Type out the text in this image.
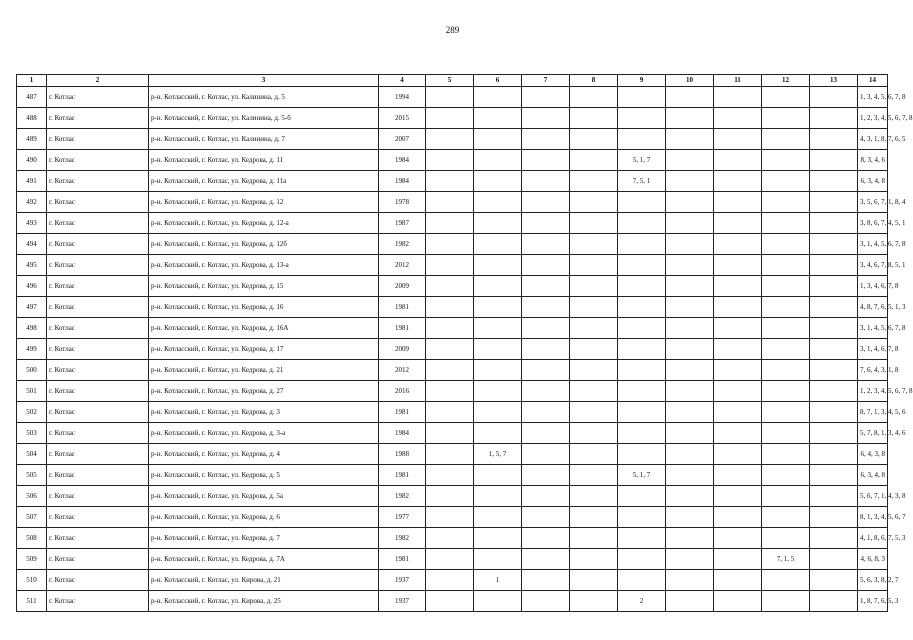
289
1	2	3	4	5	6	7	8	9	10	11	12	13	14
487	г. Котлас	р-н. Котласский, г. Котлас, ул. Калинина, д. 5	1994										1, 3, 4, 5, 6, 7, 8
488	г. Котлас	р-н. Котласский, г. Котлас, ул. Калинина, д. 5-б	2015										1, 2, 3, 4, 5, 6, 7, 8
489	г. Котлас	р-н. Котласский, г. Котлас, ул. Калинина, д. 7	2007										4, 3, 1, 8, 7, 6, 5
490	г. Котлас	р-н. Котласский, г. Котлас, ул. Кедрова, д. 11	1984					5, 1, 7					8, 3, 4, 6
491	г. Котлас	р-н. Котласский, г. Котлас, ул. Кедрова, д. 11а	1984					7, 5, 1					6, 3, 4, 8
492	г. Котлас	р-н. Котласский, г. Котлас, ул. Кедрова, д. 12	1978										3, 5, 6, 7, 1, 8, 4
493	г. Котлас	р-н. Котласский, г. Котлас, ул. Кедрова, д. 12-а	1987										3, 8, 6, 7, 4, 5, 1
494	г. Котлас	р-н. Котласский, г. Котлас, ул. Кедрова, д. 12б	1982										3, 1, 4, 5, 6, 7, 8
495	г. Котлас	р-н. Котласский, г. Котлас, ул. Кедрова, д. 13-а	2012										3, 4, 6, 7, 8, 5, 1
496	г. Котлас	р-н. Котласский, г. Котлас, ул. Кедрова, д. 15	2009										1, 3, 4, 6, 7, 8
497	г. Котлас	р-н. Котласский, г. Котлас, ул. Кедрова, д. 16	1981										4, 8, 7, 6, 5, 1, 3
498	г. Котлас	р-н. Котласский, г. Котлас, ул. Кедрова, д. 16А	1981										3, 1, 4, 5, 6, 7, 8
499	г. Котлас	р-н. Котласский, г. Котлас, ул. Кедрова, д. 17	2009										3, 1, 4, 6, 7, 8
500	г. Котлас	р-н. Котласский, г. Котлас, ул. Кедрова, д. 21	2012										7, 6, 4, 3, 1, 8
501	г. Котлас	р-н. Котласский, г. Котлас, ул. Кедрова, д. 27	2016										1, 2, 3, 4, 5, 6, 7, 8
502	г. Котлас	р-н. Котласский, г. Котлас, ул. Кедрова, д. 3	1981										8, 7, 1, 3, 4, 5, 6
503	г. Котлас	р-н. Котласский, г. Котлас, ул. Кедрова, д. 3-а	1984										5, 7, 8, 1, 3, 4, 6
504	г. Котлас	р-н. Котласский, г. Котлас, ул. Кедрова, д. 4	1988		1, 5, 7								6, 4, 3, 8
505	г. Котлас	р-н. Котласский, г. Котлас, ул. Кедрова, д. 5	1981					5, 1, 7					6, 3, 4, 8
506	г. Котлас	р-н. Котласский, г. Котлас, ул. Кедрова, д. 5а	1982										5, 6, 7, 1, 4, 3, 8
507	г. Котлас	р-н. Котласский, г. Котлас, ул. Кедрова, д. 6	1977										8, 1, 3, 4, 5, 6, 7
508	г. Котлас	р-н. Котласский, г. Котлас, ул. Кедрова, д. 7	1982										4, 1, 8, 6, 7, 5, 3
509	г. Котлас	р-н. Котласский, г. Котлас, ул. Кедрова, д. 7А	1981								7, 1, 5		4, 6, 8, 3
510	г. Котлас	р-н. Котласский, г. Котлас, ул. Кирова, д. 21	1937		1								5, 6, 3, 8, 2, 7
511	г. Котлас	р-н. Котласский, г. Котлас, ул. Кирова, д. 25	1937					2					1, 8, 7, 6, 5, 3
